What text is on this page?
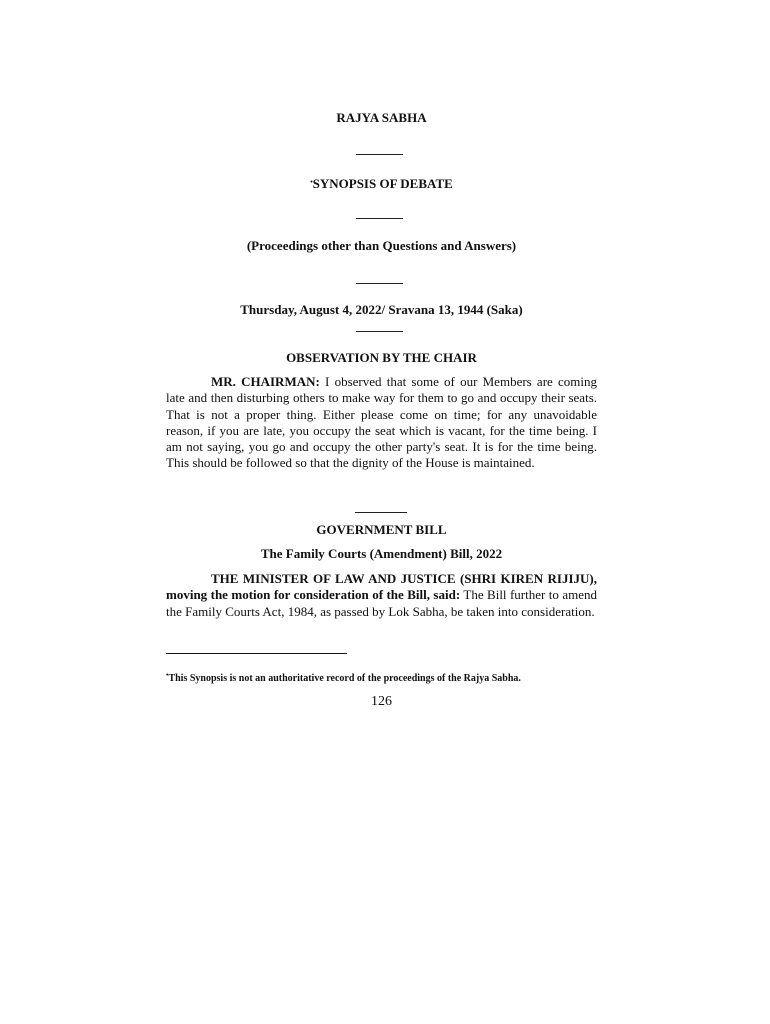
RAJYA SABHA
•SYNOPSIS OF DEBATE
(Proceedings other than Questions and Answers)
Thursday, August 4, 2022/ Sravana 13, 1944 (Saka)
OBSERVATION BY THE CHAIR

MR. CHAIRMAN: I observed that some of our Members are coming late and then disturbing others to make way for them to go and occupy their seats. That is not a proper thing. Either please come on time; for any unavoidable reason, if you are late, you occupy the seat which is vacant, for the time being. I am not saying, you go and occupy the other party's seat. It is for the time being. This should be followed so that the dignity of the House is maintained.

GOVERNMENT BILL
The Family Courts (Amendment) Bill, 2022

THE MINISTER OF LAW AND JUSTICE (SHRI KIREN RIJIJU), moving the motion for consideration of the Bill, said: The Bill further to amend the Family Courts Act, 1984, as passed by Lok Sabha, be taken into consideration.

•This Synopsis is not an authoritative record of the proceedings of the Rajya Sabha.
126
